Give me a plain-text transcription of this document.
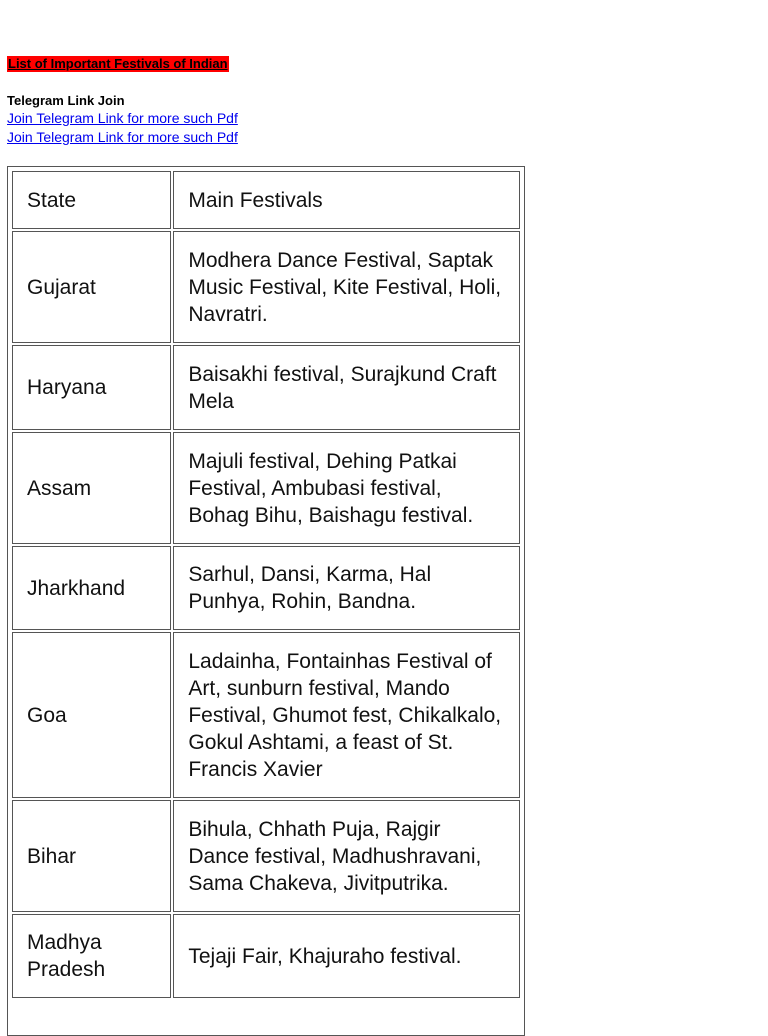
List of Important Festivals of Indian
Telegram Link Join
Join Telegram Link for more such Pdf
Join Telegram Link for more such Pdf
State	Main Festivals
Gujarat	Modhera Dance Festival, Saptak Music Festival, Kite Festival, Holi, Navratri.
Haryana	Baisakhi festival, Surajkund Craft Mela
Assam	Majuli festival, Dehing Patkai Festival, Ambubasi festival, Bohag Bihu, Baishagu festival.
Jharkhand	Sarhul, Dansi, Karma, Hal Punhya, Rohin, Bandna.
Goa	Ladainha, Fontainhas Festival of Art, sunburn festival, Mando Festival, Ghumot fest, Chikalkalo, Gokul Ashtami, a feast of St. Francis Xavier
Bihar	Bihula, Chhath Puja, Rajgir Dance festival, Madhushravani, Sama Chakeva, Jivitputrika.
Madhya Pradesh	Tejaji Fair, Khajuraho festival.
